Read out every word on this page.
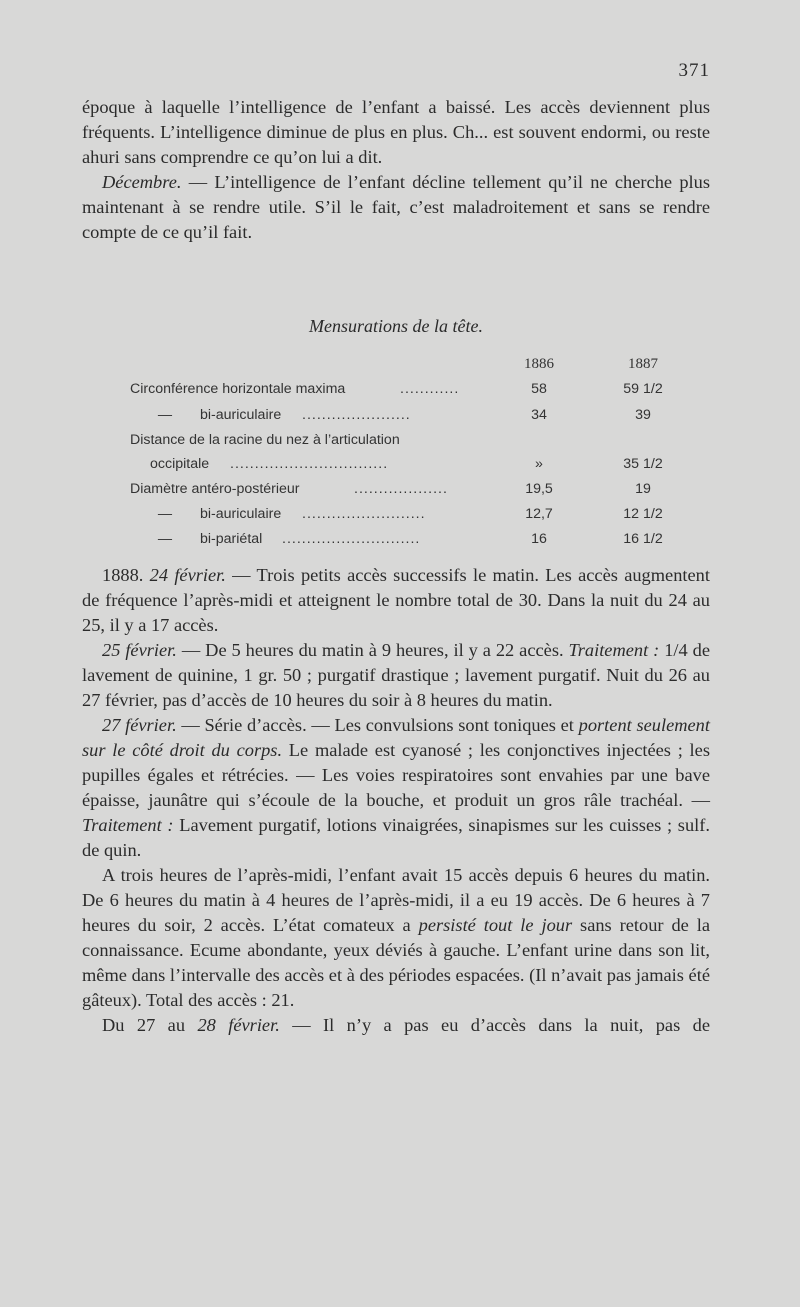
371

époque à laquelle l’intelligence de l’enfant a baissé. Les accès deviennent plus fréquents. L’intelligence diminue de plus en plus. Ch... est souvent endormi, ou reste ahuri sans comprendre ce qu’on lui a dit.

Décembre. — L’intelligence de l’enfant décline tellement qu’il ne cherche plus maintenant à se rendre utile. S’il le fait, c’est maladroitement et sans se rendre compte de ce qu’il fait.

Mensurations de la tête.
1886	1887
Circonférence horizontale maxima	............	58	59 1/2
— bi-auriculaire ......................	34	39
Distance de la racine du nez à l’articulation
occipitale ................................	»	35 1/2
Diamètre antéro-postérieur	...................	19,5	19
— bi-auriculaire .........................	12,7	12 1/2
— bi-pariétal ............................	16	16 1/2

1888. 24 février. — Trois petits accès successifs le matin. Les accès augmentent de fréquence l’après-midi et atteignent le nombre total de 30. Dans la nuit du 24 au 25, il y a 17 accès.

25 février. — De 5 heures du matin à 9 heures, il y a 22 accès. Traitement : 1/4 de lavement de quinine, 1 gr. 50 ; purgatif drastique ; lavement purgatif. Nuit du 26 au 27 février, pas d’accès de 10 heures du soir à 8 heures du matin.

27 février. — Série d’accès. — Les convulsions sont toniques et portent seulement sur le côté droit du corps. Le malade est cyanosé ; les conjonctives injectées ; les pupilles égales et rétrécies. — Les voies respiratoires sont envahies par une bave épaisse, jaunâtre qui s’écoule de la bouche, et produit un gros râle trachéal. — Traitement : Lavement purgatif, lotions vinaigrées, sinapismes sur les cuisses ; sulf. de quin.

A trois heures de l’après-midi, l’enfant avait 15 accès depuis 6 heures du matin. De 6 heures du matin à 4 heures de l’après-midi, il a eu 19 accès. De 6 heures à 7 heures du soir, 2 accès. L’état comateux a persisté tout le jour sans retour de la connaissance. Ecume abondante, yeux déviés à gauche. L’enfant urine dans son lit, même dans l’intervalle des accès et à des périodes espacées. (Il n’avait pas jamais été gâteux). Total des accès : 21.

Du 27 au 28 février. — Il n’y a pas eu d’accès dans la nuit, pas de
